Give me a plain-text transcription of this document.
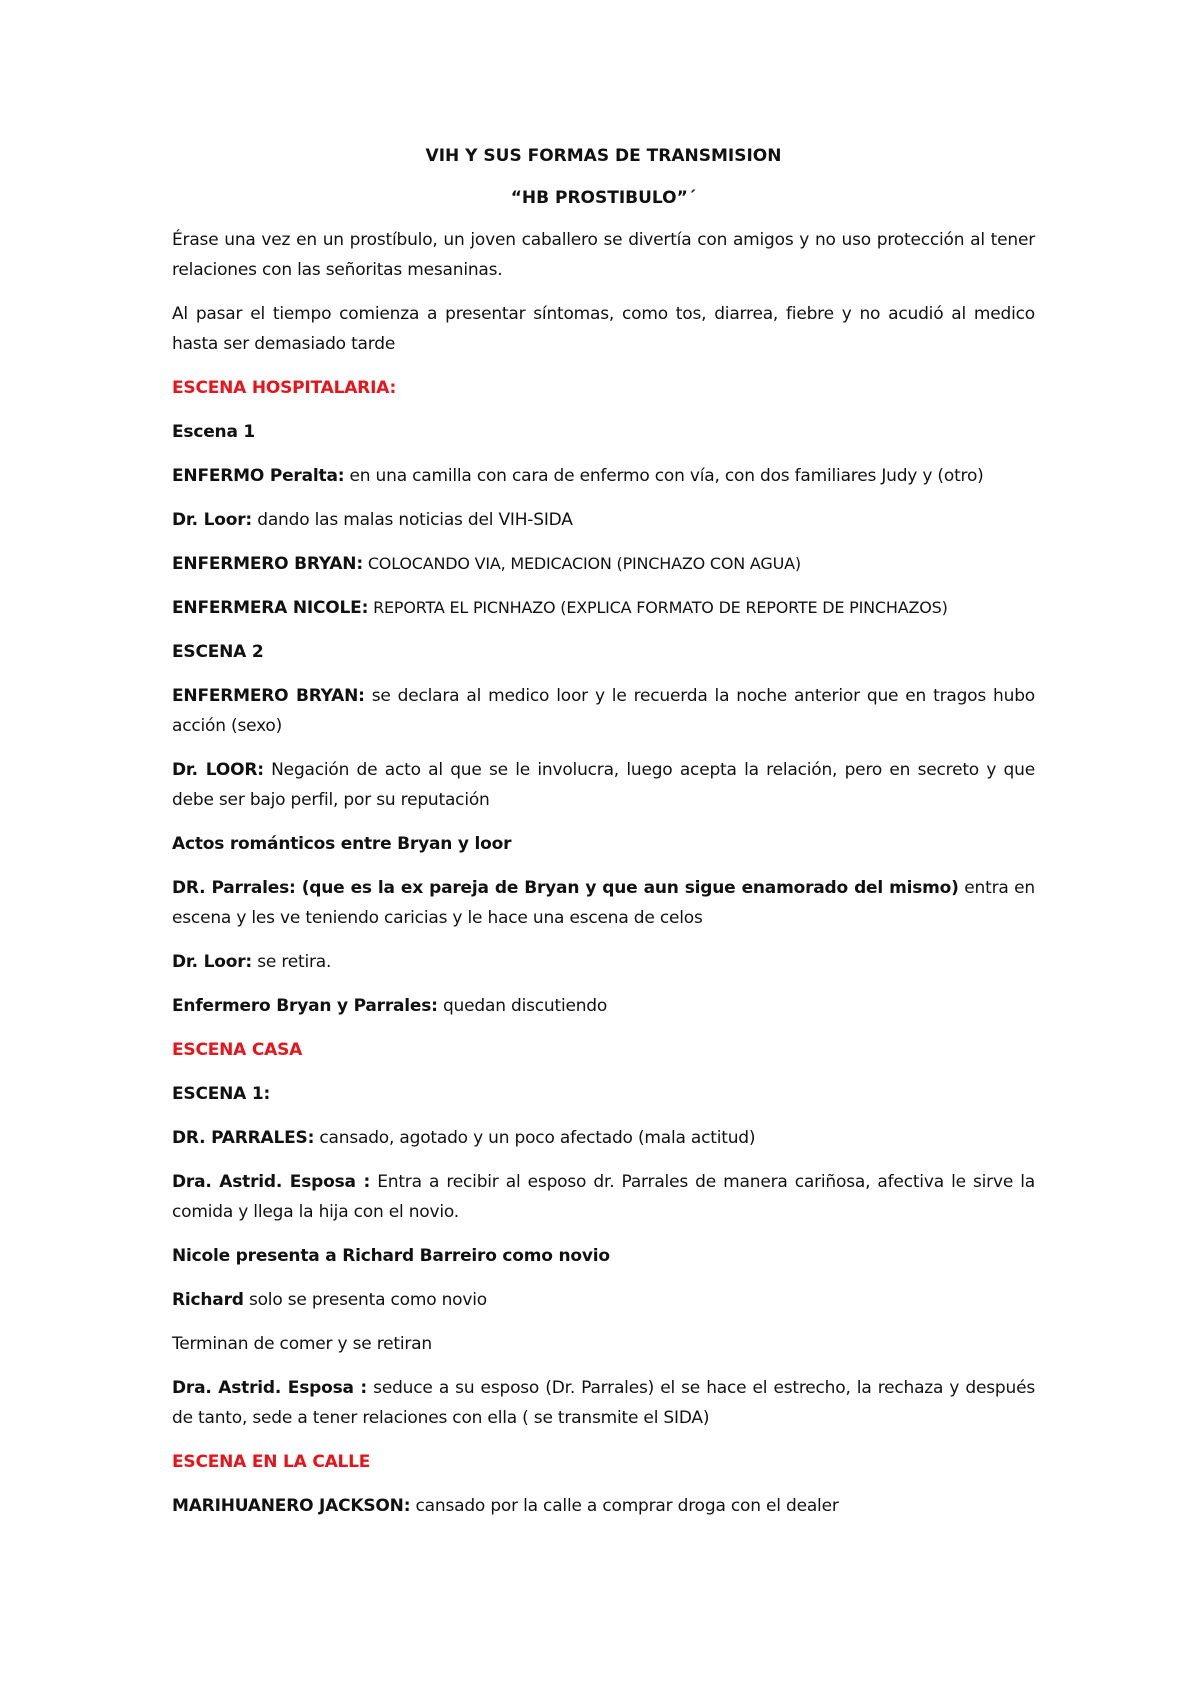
VIH Y SUS FORMAS DE TRANSMISION
“HB PROSTIBULO”´

Érase una vez en un prostíbulo, un joven caballero se divertía con amigos y no uso protección al tener relaciones con las señoritas mesaninas.

Al pasar el tiempo comienza a presentar síntomas, como tos, diarrea, fiebre y no acudió al medico hasta ser demasiado tarde

ESCENA HOSPITALARIA:

Escena 1

ENFERMO Peralta: en una camilla con cara de enfermo con vía, con dos familiares Judy y (otro)

Dr. Loor: dando las malas noticias del VIH-SIDA

ENFERMERO BRYAN: COLOCANDO VIA, MEDICACION (PINCHAZO CON AGUA)

ENFERMERA NICOLE: REPORTA EL PICNHAZO (EXPLICA FORMATO DE REPORTE DE PINCHAZOS)

ESCENA 2

ENFERMERO BRYAN: se declara al medico loor y le recuerda la noche anterior que en tragos hubo acción (sexo)

Dr. LOOR: Negación de acto al que se le involucra, luego acepta la relación, pero en secreto y que debe ser bajo perfil, por su reputación

Actos románticos entre Bryan y loor

DR. Parrales: (que es la ex pareja de Bryan y que aun sigue enamorado del mismo) entra en escena y les ve teniendo caricias y le hace una escena de celos

Dr. Loor: se retira.

Enfermero Bryan y Parrales: quedan discutiendo

ESCENA CASA

ESCENA 1:

DR. PARRALES: cansado, agotado y un poco afectado (mala actitud)

Dra. Astrid. Esposa : Entra a recibir al esposo dr. Parrales de manera cariñosa, afectiva le sirve la comida y llega la hija con el novio.

Nicole presenta a Richard Barreiro como novio

Richard solo se presenta como novio

Terminan de comer y se retiran

Dra. Astrid. Esposa : seduce a su esposo (Dr. Parrales) el se hace el estrecho, la rechaza y después de tanto, sede a tener relaciones con ella ( se transmite el SIDA)

ESCENA EN LA CALLE

MARIHUANERO JACKSON: cansado por la calle a comprar droga con el dealer
